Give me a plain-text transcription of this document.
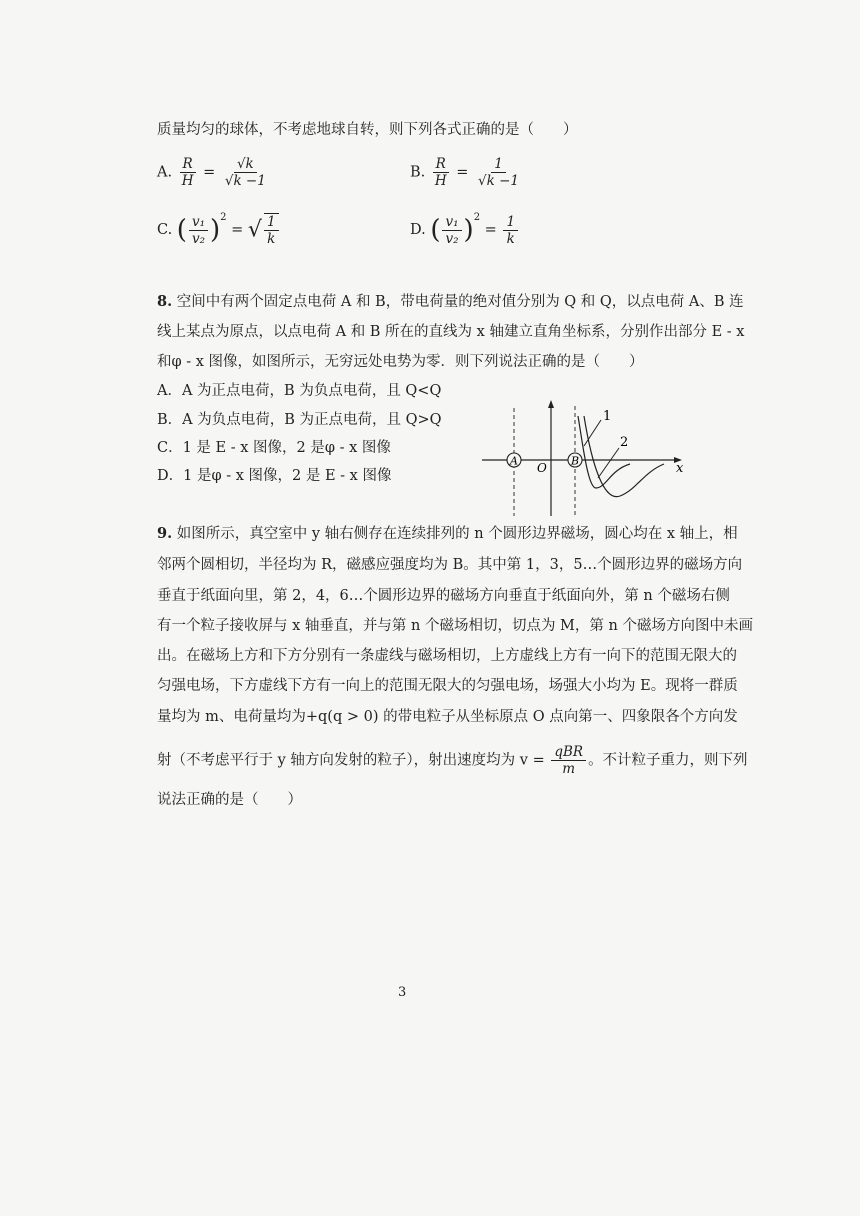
质量均匀的球体，不考虑地球自转，则下列各式正确的是（　　）
A. $\frac{R}{H} = \frac{√k}{√k -1}$	B. $\frac{R}{H} = \frac{1}{√k -1}$
C. ( $\frac{\text{v₁}}{\text{v₂}} )^2$ = √ $\frac{1}{k}$	D. ( $\frac{\text{v₁}}{\text{v₂}} )^2 = \frac{1}{k}$
8. 空间中有两个固定点电荷 A 和 B，带电荷量的绝对值分别为 Q 和 Q，以点电荷 A、B 连
线上某点为原点，以点电荷 A 和 B 所在的直线为 x 轴建立直角坐标系，分别作出部分 E - x
和φ - x 图像，如图所示，无穷远处电势为零．则下列说法正确的是（　　）
A．A 为正点电荷，B 为负点电荷，且 Q<Q
B．A 为负点电荷，B 为正点电荷，且 Q>Q
C．1 是 E - x 图像，2 是φ - x 图像
D．1 是φ - x 图像，2 是 E - x 图像	x
A	B
O
1
2
9. 如图所示，真空室中 y 轴右侧存在连续排列的 n 个圆形边界磁场，圆心均在 x 轴上，相
邻两个圆相切，半径均为 R，磁感应强度均为 B。其中第 1，3，5…个圆形边界的磁场方向
垂直于纸面向里，第 2，4，6…个圆形边界的磁场方向垂直于纸面向外，第 n 个磁场右侧
有一个粒子接收屏与 x 轴垂直，并与第 n 个磁场相切，切点为 M，第 n 个磁场方向图中未画
出。在磁场上方和下方分别有一条虚线与磁场相切，上方虚线上方有一向下的范围无限大的
匀强电场，下方虚线下方有一向上的范围无限大的匀强电场，场强大小均为 E。现将一群质
量均为 m、电荷量均为+q(q > 0) 的带电粒子从坐标原点 O 点向第一、四象限各个方向发
射（不考虑平行于 y 轴方向发射的粒子），射出速度均为 $v = \frac{\text{qBR}}{m}$ 。不计粒子重力，则下列
说法正确的是（　　）
3
